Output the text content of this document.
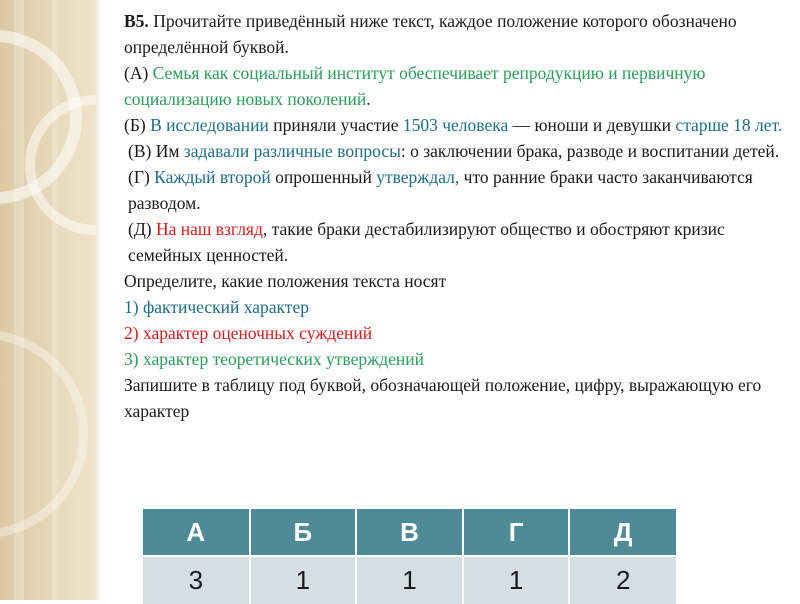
B5. Прочитайте приведённый ниже текст, каждое положение которого обозначено определённой буквой.

(А) Семья как социальный институт обеспечивает репродукцию и первичную социализацию новых поколений.

(Б) В исследовании приняли участие 1503 человека — юноши и девушки старше 18 лет.

(В) Им задавали различные вопросы: о заключении брака, разводе и воспитании детей.

(Г) Каждый второй опрошенный утверждал, что ранние браки часто заканчиваются разводом.

(Д) На наш взгляд, такие браки дестабилизируют общество и обостряют кризис семейных ценностей.

Определите, какие положения текста носят

1) фактический характер

2) характер оценочных суждений

3) характер теоретических утверждений

Запишите в таблицу под буквой, обозначающей положение, цифру, выражающую его характер

А	Б	В	Г	Д
3	1	1	1	2
